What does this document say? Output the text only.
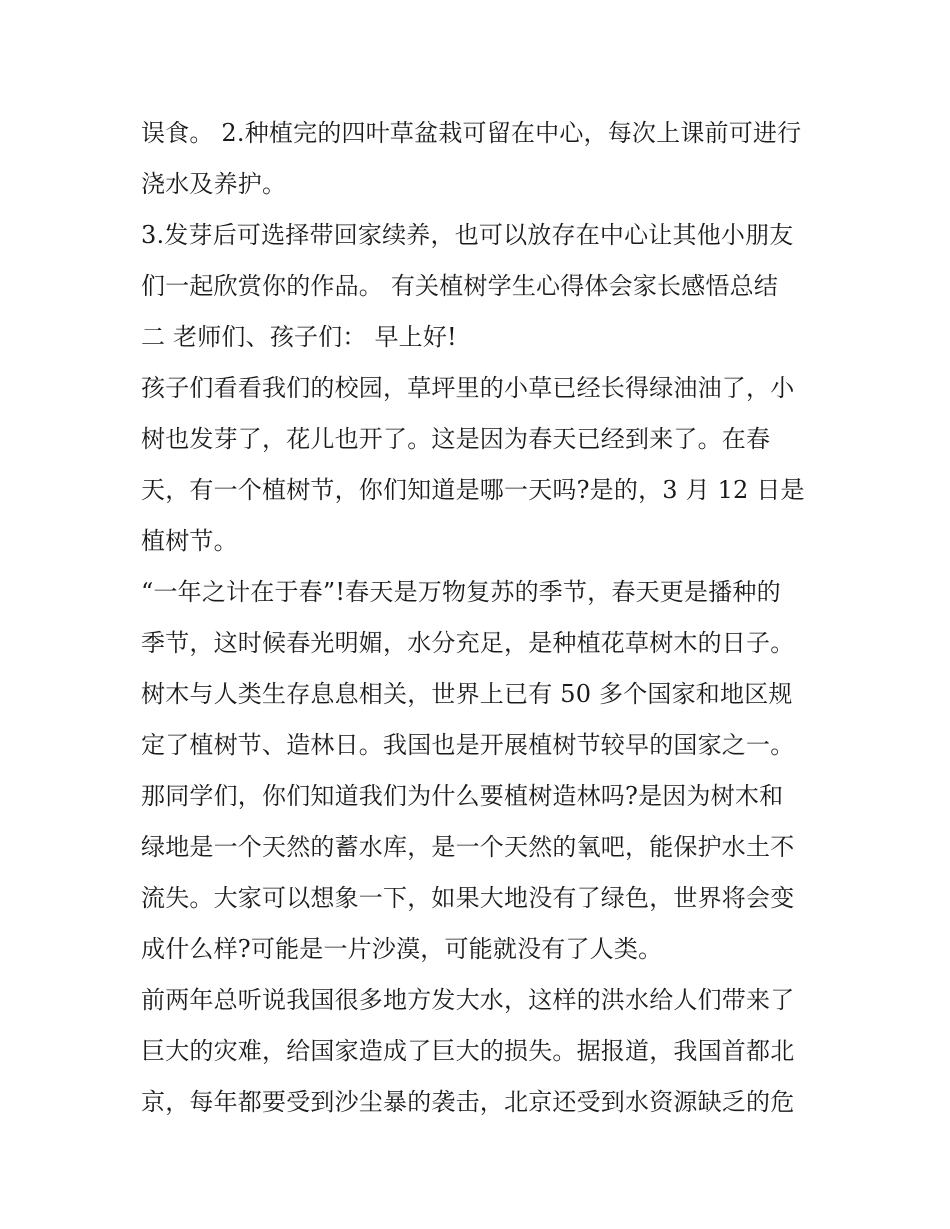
误食。 2.种植完的四叶草盆栽可留在中心，每次上课前可进行
浇水及养护。
3.发芽后可选择带回家续养，也可以放存在中心让其他小朋友
们一起欣赏你的作品。 有关植树学生心得体会家长感悟总结
二 老师们、孩子们： 早上好!
孩子们看看我们的校园，草坪里的小草已经长得绿油油了，小
树也发芽了，花儿也开了。这是因为春天已经到来了。在春
天，有一个植树节，你们知道是哪一天吗?是的，3 月 12 日是
植树节。
“一年之计在于春”!春天是万物复苏的季节，春天更是播种的
季节，这时候春光明媚，水分充足，是种植花草树木的日子。
树木与人类生存息息相关，世界上已有 50 多个国家和地区规
定了植树节、造林日。我国也是开展植树节较早的国家之一。
那同学们，你们知道我们为什么要植树造林吗?是因为树木和
绿地是一个天然的蓄水库，是一个天然的氧吧，能保护水土不
流失。大家可以想象一下，如果大地没有了绿色，世界将会变
成什么样?可能是一片沙漠，可能就没有了人类。
前两年总听说我国很多地方发大水，这样的洪水给人们带来了
巨大的灾难，给国家造成了巨大的损失。据报道，我国首都北
京，每年都要受到沙尘暴的袭击，北京还受到水资源缺乏的危
